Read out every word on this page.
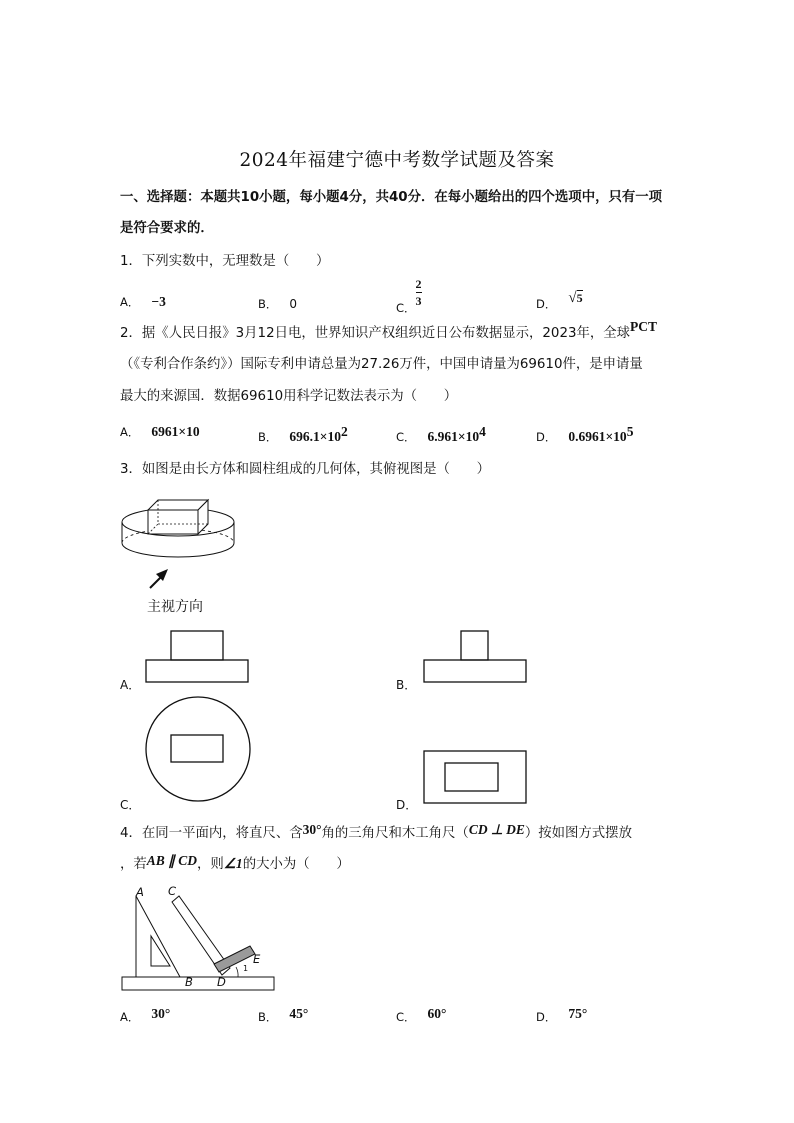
2024年福建宁德中考数学试题及答案
一、选择题：本题共10小题，每小题4分，共40分．在每小题给出的四个选项中，只有一项
是符合要求的．
1．下列实数中，无理数是（　　）
A． −3	B． 0	C．
$\frac{2}{3}$	D． √5
2．据《人民日报》3月12日电，世界知识产权组织近日公布数据显示，2023年，全球PCT
（《专利合作条约》）国际专利申请总量为27.26万件，中国申请量为69610件，是申请量
最大的来源国．数据69610用科学记数法表示为（　　）
A． 6961×10	B． $696.1\times 10^2$	C． $6.961\times 10^4$	D． $0.6961\times 10^5$
3．如图是由长方体和圆柱组成的几何体，其俯视图是（　　）
主视方向
A．	B．
C．	D．
4．在同一平面内，将直尺、含30°角的三角尺和木工角尺（CD ⊥ DE）按如图方式摆放
，若AB ∥ CD，则∠1的大小为（　　）
A C
E
1
B D
A． 30°	B． 45°	C． 60°	D． 75°
